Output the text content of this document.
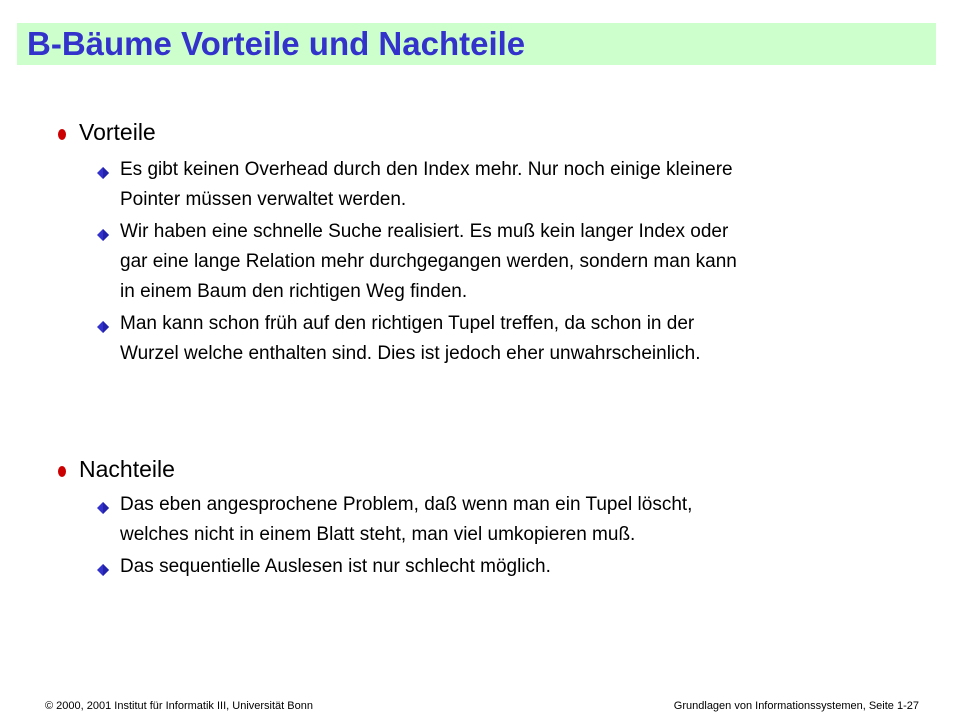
B-Bäume Vorteile und Nachteile
Vorteile
Es gibt keinen Overhead durch den Index mehr. Nur noch einige kleinere
Pointer müssen verwaltet werden.
Wir haben eine schnelle Suche realisiert. Es muß kein langer Index oder
gar eine lange Relation mehr durchgegangen werden, sondern man kann
in einem Baum den richtigen Weg finden.
Man kann schon früh auf den richtigen Tupel treffen, da schon in der
Wurzel welche enthalten sind. Dies ist jedoch eher unwahrscheinlich.
Nachteile
Das eben angesprochene Problem, daß wenn man ein Tupel löscht,
welches nicht in einem Blatt steht, man viel umkopieren muß.
Das sequentielle Auslesen ist nur schlecht möglich.
© 2000, 2001 Institut für Informatik III, Universität Bonn	Grundlagen von Informationssystemen, Seite 1-27
